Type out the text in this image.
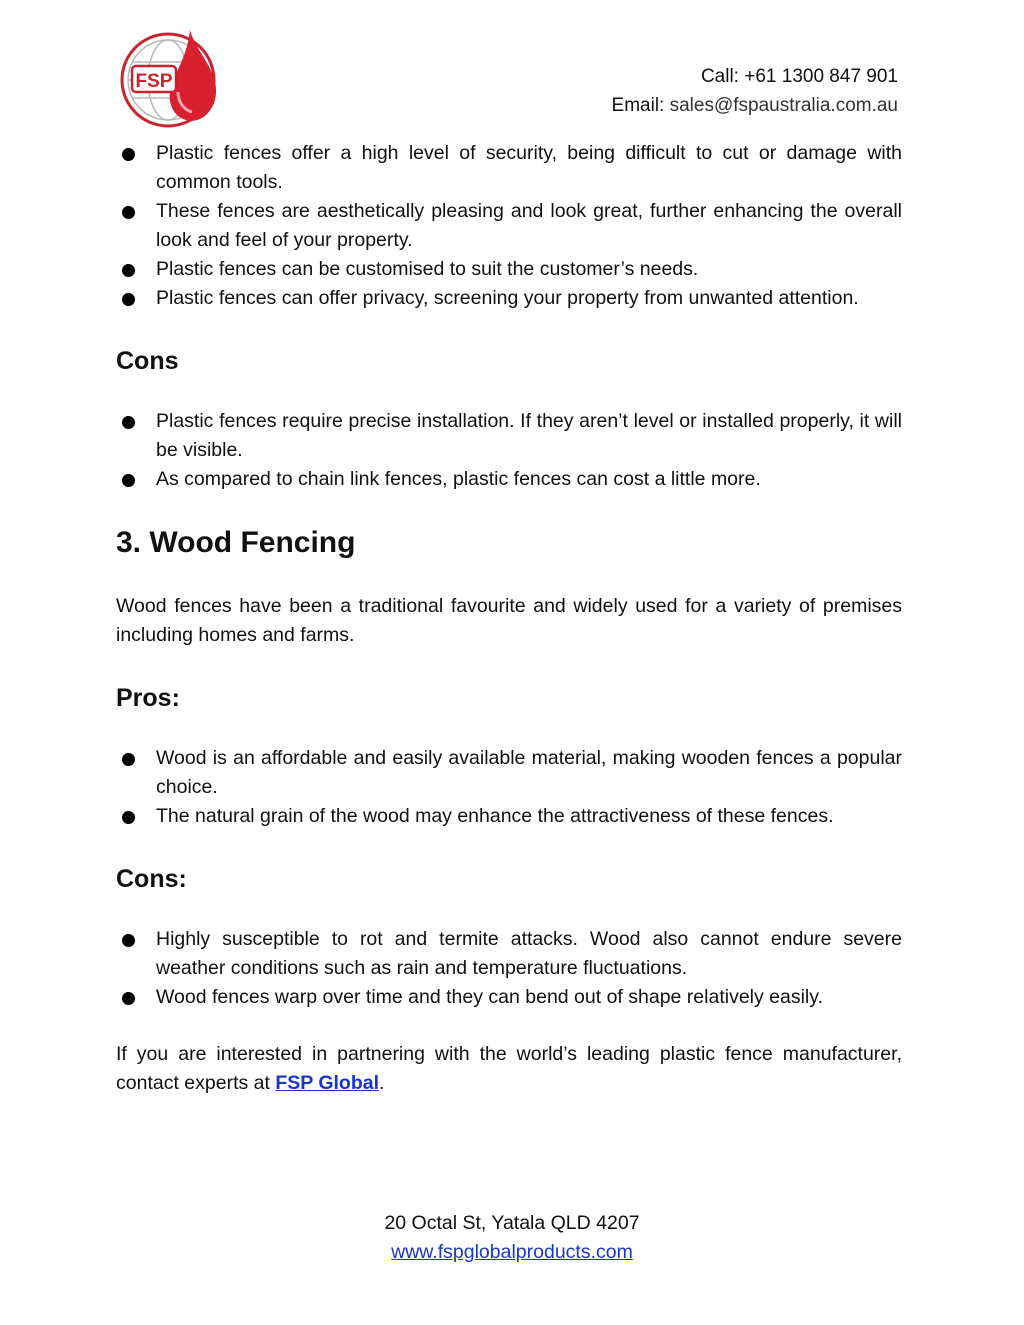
FSP	Call: +61 1300 847 901
Email: sales@fspaustralia.com.au
Plastic fences offer a high level of security, being difficult to cut or damage with common tools.
These fences are aesthetically pleasing and look great, further enhancing the overall look and feel of your property.
Plastic fences can be customised to suit the customer’s needs.
Plastic fences can offer privacy, screening your property from unwanted attention.
Cons
Plastic fences require precise installation. If they aren’t level or installed properly, it will be visible.
As compared to chain link fences, plastic fences can cost a little more.
3. Wood Fencing

Wood fences have been a traditional favourite and widely used for a variety of premises including homes and farms.

Pros:
Wood is an affordable and easily available material, making wooden fences a popular choice.
The natural grain of the wood may enhance the attractiveness of these fences.
Cons:
Highly susceptible to rot and termite attacks. Wood also cannot endure severe weather conditions such as rain and temperature fluctuations.
Wood fences warp over time and they can bend out of shape relatively easily.

If you are interested in partnering with the world’s leading plastic fence manufacturer, contact experts at FSP Global.

20 Octal St, Yatala QLD 4207
www.fspglobalproducts.com
